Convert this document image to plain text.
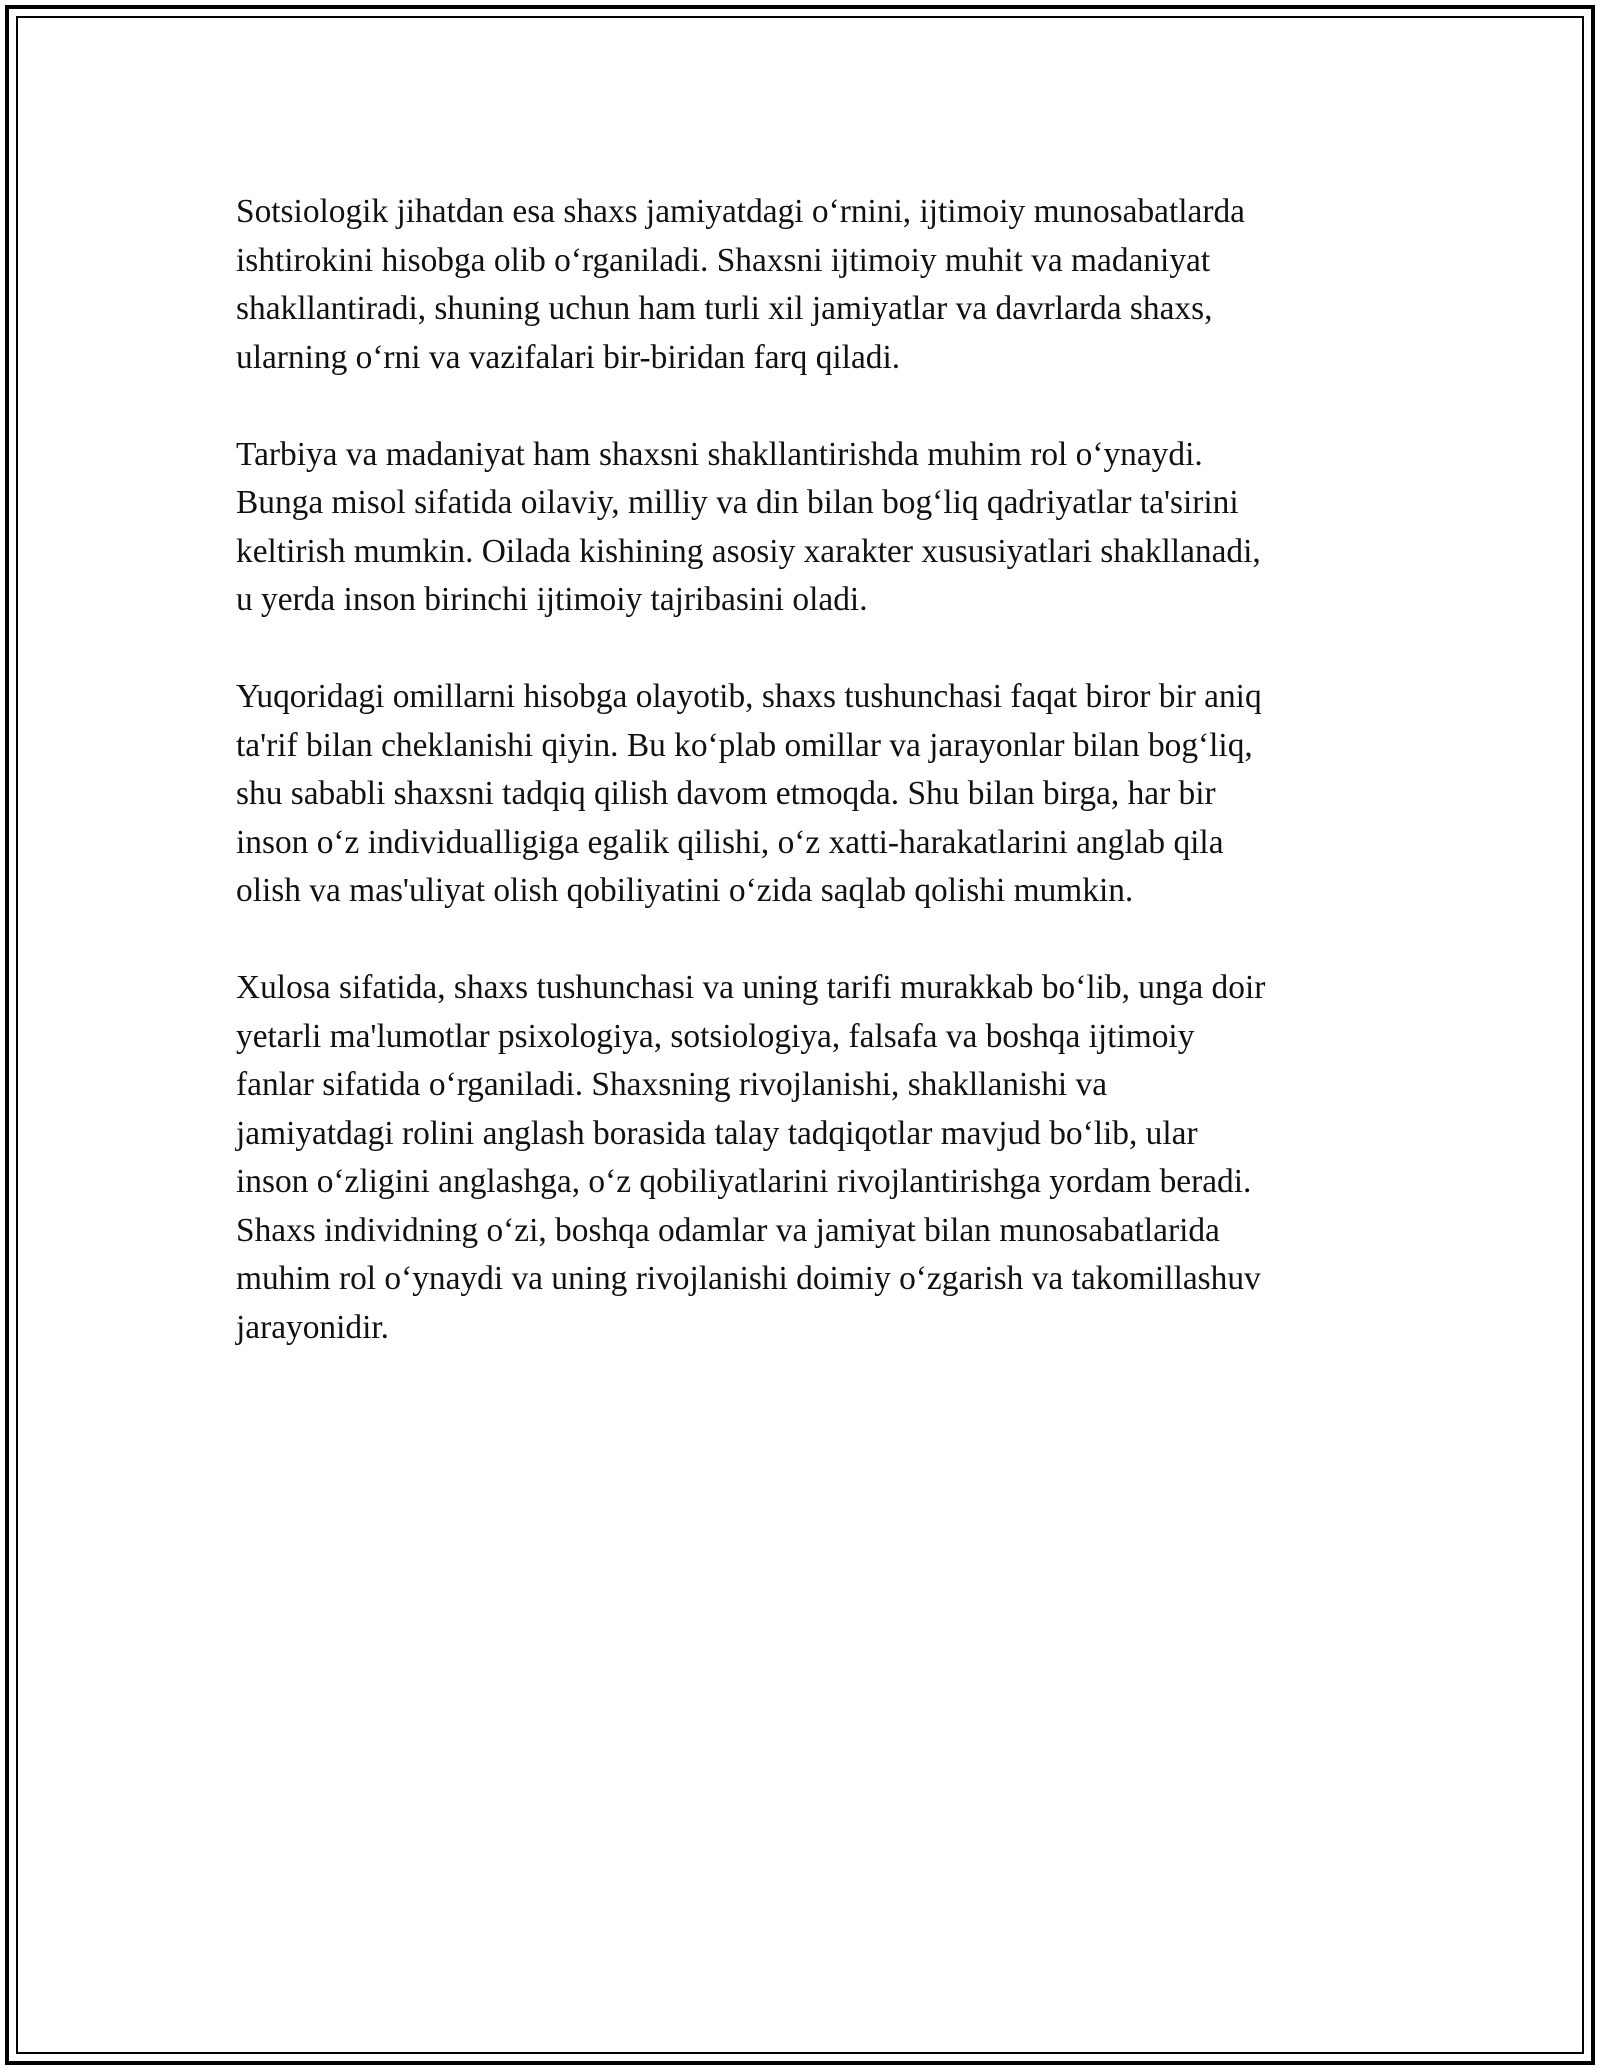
Sotsiologik jihatdan esa shaxs jamiyatdagi o‘rnini, ijtimoiy munosabatlarda
ishtirokini hisobga olib o‘rganiladi. Shaxsni ijtimoiy muhit va madaniyat
shakllantiradi, shuning uchun ham turli xil jamiyatlar va davrlarda shaxs,
ularning o‘rni va vazifalari bir-biridan farq qiladi.

Tarbiya va madaniyat ham shaxsni shakllantirishda muhim rol o‘ynaydi.
Bunga misol sifatida oilaviy, milliy va din bilan bog‘liq qadriyatlar ta'sirini
keltirish mumkin. Oilada kishining asosiy xarakter xususiyatlari shakllanadi,
u yerda inson birinchi ijtimoiy tajribasini oladi.

Yuqoridagi omillarni hisobga olayotib, shaxs tushunchasi faqat biror bir aniq
ta'rif bilan cheklanishi qiyin. Bu ko‘plab omillar va jarayonlar bilan bog‘liq,
shu sababli shaxsni tadqiq qilish davom etmoqda. Shu bilan birga, har bir
inson o‘z individualligiga egalik qilishi, o‘z xatti-harakatlarini anglab qila
olish va mas'uliyat olish qobiliyatini o‘zida saqlab qolishi mumkin.

Xulosa sifatida, shaxs tushunchasi va uning tarifi murakkab bo‘lib, unga doir
yetarli ma'lumotlar psixologiya, sotsiologiya, falsafa va boshqa ijtimoiy
fanlar sifatida o‘rganiladi. Shaxsning rivojlanishi, shakllanishi va
jamiyatdagi rolini anglash borasida talay tadqiqotlar mavjud bo‘lib, ular
inson o‘zligini anglashga, o‘z qobiliyatlarini rivojlantirishga yordam beradi.
Shaxs individning o‘zi, boshqa odamlar va jamiyat bilan munosabatlarida
muhim rol o‘ynaydi va uning rivojlanishi doimiy o‘zgarish va takomillashuv
jarayonidir.
